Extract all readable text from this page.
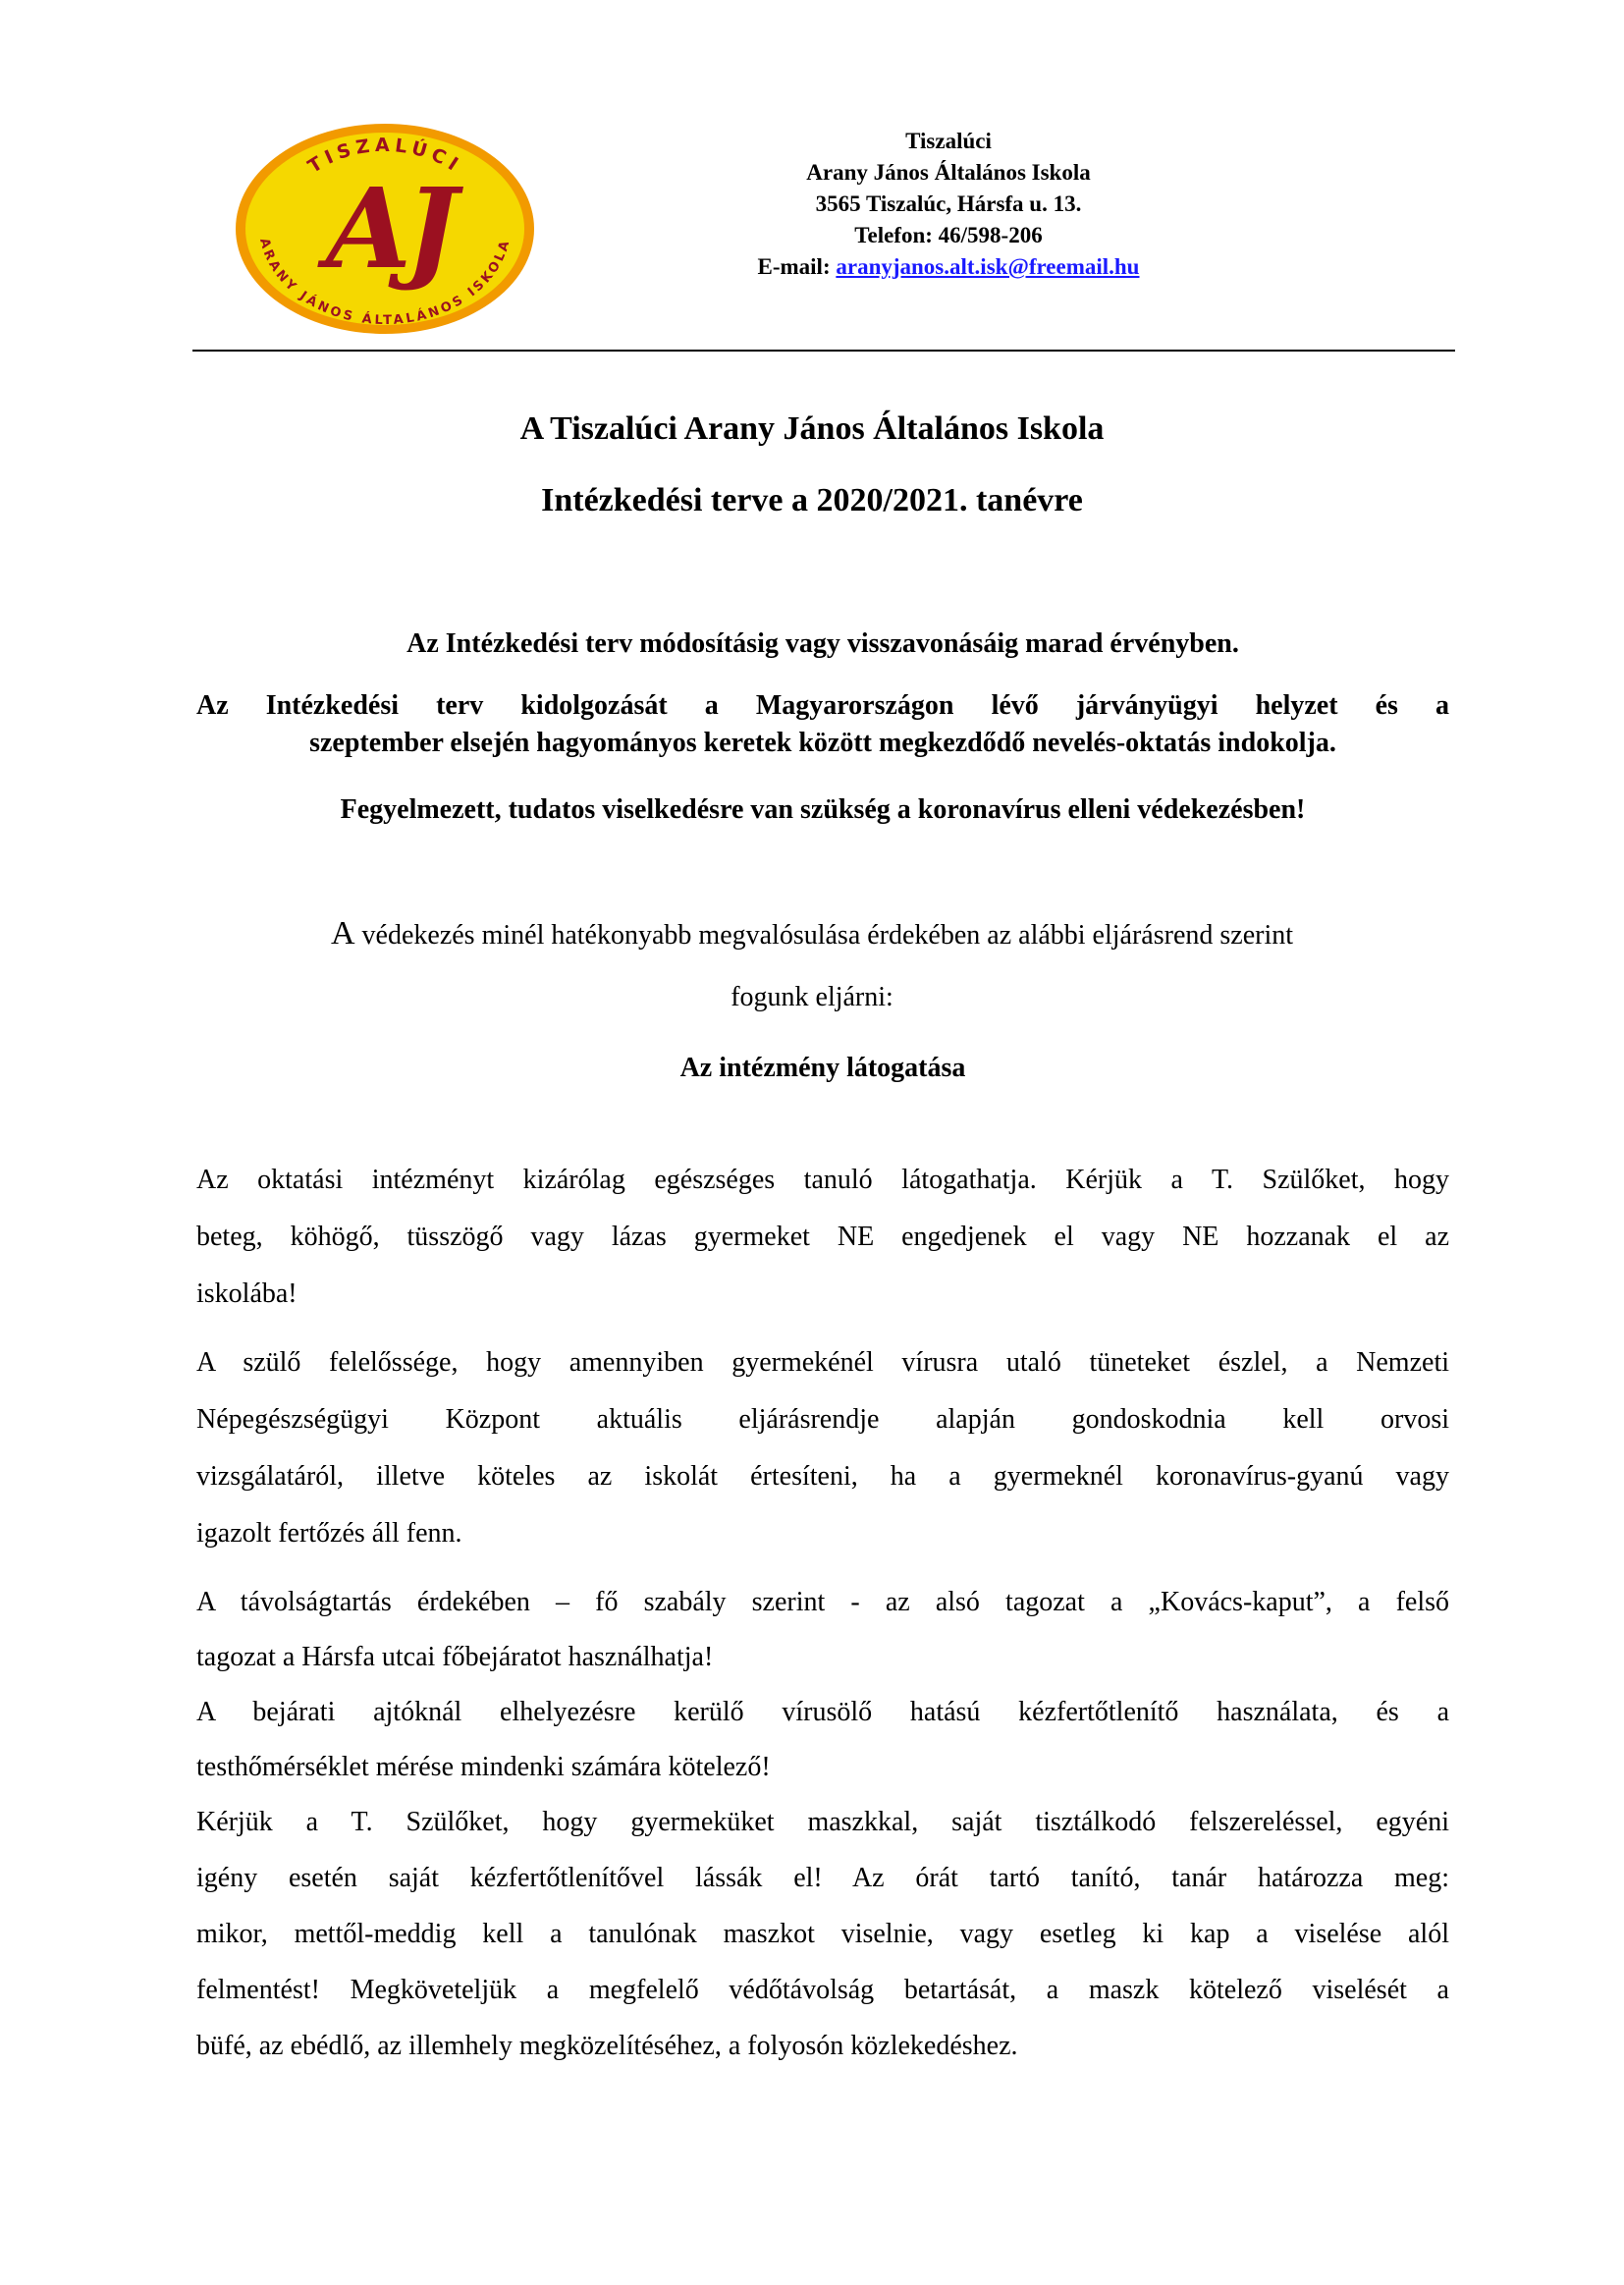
TISZALÚCI
ARANY JÁNOS ÁLTALÁNOS ISKOLA
AJ
Tiszalúci
Arany János Általános Iskola
3565 Tiszalúc, Hársfa u. 13.
Telefon: 46/598-206
E-mail: aranyjanos.alt.isk@freemail.hu
A Tiszalúci Arany János Általános Iskola
Intézkedési terve a 2020/2021. tanévre
Az Intézkedési terv módosításig vagy visszavonásáig marad érvényben.
Az Intézkedési terv kidolgozását a Magyarországon lévő járványügyi helyzet és a
szeptember elsején hagyományos keretek között megkezdődő nevelés-oktatás indokolja.
Fegyelmezett, tudatos viselkedésre van szükség a koronavírus elleni védekezésben!
A védekezés minél hatékonyabb megvalósulása érdekében az alábbi eljárásrend szerint
fogunk eljárni:
Az intézmény látogatása
Az oktatási intézményt kizárólag egészséges tanuló látogathatja. Kérjük a T. Szülőket, hogy
beteg, köhögő, tüsszögő vagy lázas gyermeket NE engedjenek el vagy NE hozzanak el az
iskolába!
A szülő felelőssége, hogy amennyiben gyermekénél vírusra utaló tüneteket észlel, a Nemzeti
Népegészségügyi Központ aktuális eljárásrendje alapján gondoskodnia kell orvosi
vizsgálatáról, illetve köteles az iskolát értesíteni, ha a gyermeknél koronavírus-gyanú vagy
igazolt fertőzés áll fenn.
A távolságtartás érdekében – fő szabály szerint - az alsó tagozat a „Kovács-kaput”, a felső
tagozat a Hársfa utcai főbejáratot használhatja!
A bejárati ajtóknál elhelyezésre kerülő vírusölő hatású kézfertőtlenítő használata, és a
testhőmérséklet mérése mindenki számára kötelező!
Kérjük a T. Szülőket, hogy gyermeküket maszkkal, saját tisztálkodó felszereléssel, egyéni
igény esetén saját kézfertőtlenítővel lássák el! Az órát tartó tanító, tanár határozza meg:
mikor, mettől-meddig kell a tanulónak maszkot viselnie, vagy esetleg ki kap a viselése alól
felmentést! Megköveteljük a megfelelő védőtávolság betartását, a maszk kötelező viselését a
büfé, az ebédlő, az illemhely megközelítéséhez, a folyosón közlekedéshez.
